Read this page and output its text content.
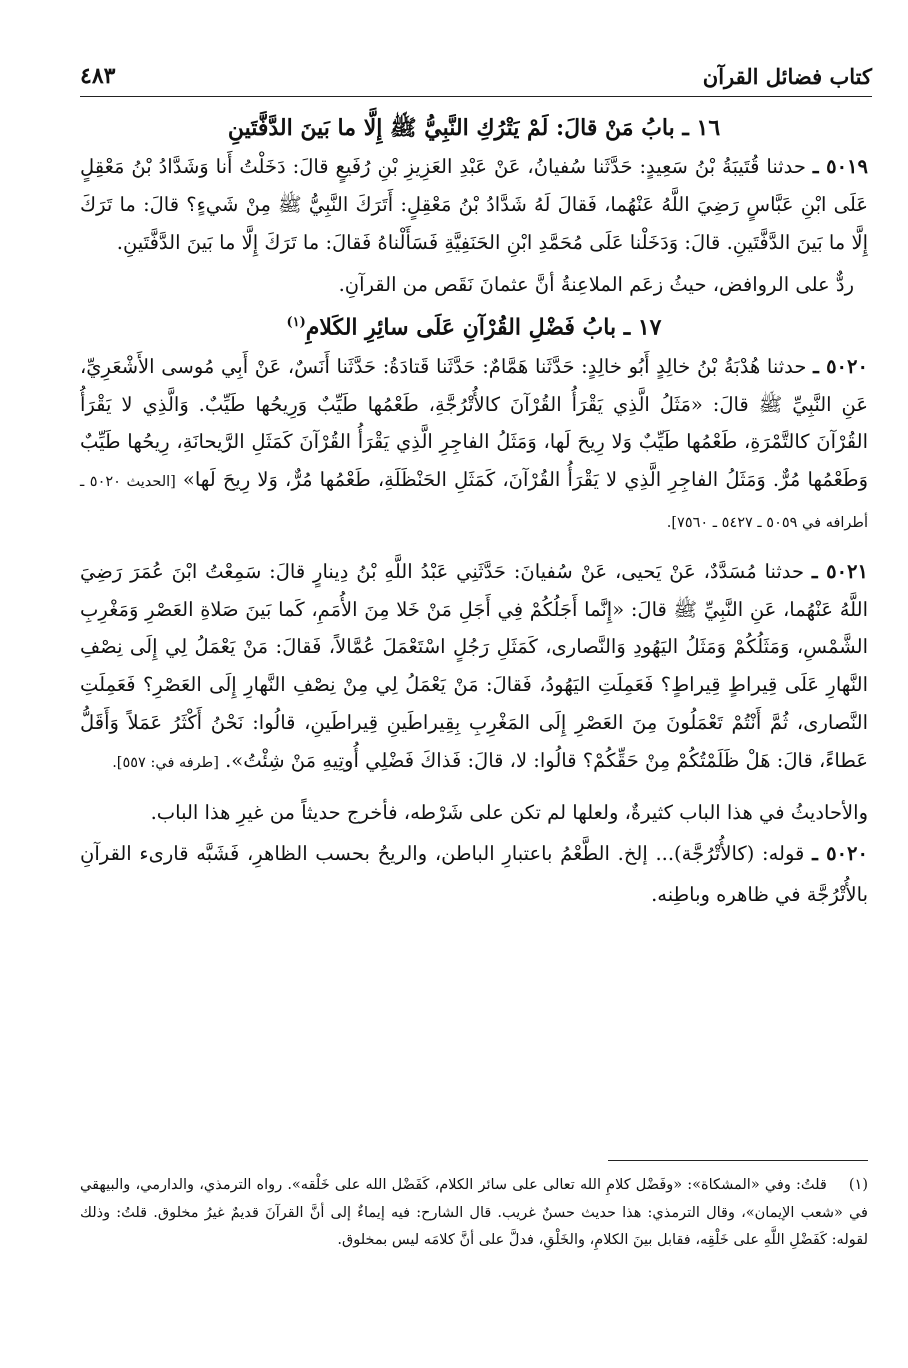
كتاب فضائل القرآن
٤٨٣

١٦ ـ بابُ مَنْ قالَ: لَمْ يَتْرُكِ النَّبِيُّ ﷺ إِلَّا ما بَينَ الدَّفَّتَينِ

٥٠١٩ ـ حدثنا قُتَيبَةُ بْنُ سَعِيدٍ: حَدَّثَنا سُفيانُ، عَنْ عَبْدِ العَزِيزِ بْنِ رُفَيعٍ قالَ: دَخَلْتُ أَنا وَشَدَّادُ بْنُ مَعْقِلٍ عَلَى ابْنِ عَبَّاسٍ رَضِيَ اللَّهُ عَنْهُما، فَقالَ لَهُ شَدَّادُ بْنُ مَعْقِلٍ: أَتَرَكَ النَّبِيُّ ﷺ مِنْ شَيءٍ؟ قالَ: ما تَرَكَ إِلَّا ما بَينَ الدَّفَّتَينِ. قالَ: وَدَخَلْنا عَلَى مُحَمَّدِ ابْنِ الحَنَفِيَّةِ فَسَأَلْناهُ فَقالَ: ما تَرَكَ إِلَّا ما بَينَ الدَّفَّتَينِ.

ردٌّ على الروافض، حيثُ زعَم الملاعِنةُ أنَّ عثمانَ نَقَص من القرآنِ.

١٧ ـ بابُ فَضْلِ القُرْآنِ عَلَى سائِرِ الكَلامِ$^{(١)}$

٥٠٢٠ ـ حدثنا هُدْبَةُ بْنُ خالِدٍ أَبُو خالِدٍ: حَدَّثَنا هَمَّامٌ: حَدَّثَنا قَتادَةُ: حَدَّثَنا أَنَسٌ، عَنْ أَبِي مُوسى الأَشْعَرِيِّ، عَنِ النَّبِيِّ ﷺ قالَ: «مَثَلُ الَّذِي يَقْرَأُ القُرْآنَ كالأُتْرُجَّةِ، طَعْمُها طَيِّبٌ وَرِيحُها طَيِّبٌ. وَالَّذِي لا يَقْرَأُ القُرْآنَ كالتَّمْرَةِ، طَعْمُها طَيِّبٌ وَلا رِيحَ لَها، وَمَثَلُ الفاجِرِ الَّذِي يَقْرَأُ القُرْآنَ كَمَثَلِ الرَّيحانَةِ، رِيحُها طَيِّبٌ وَطَعْمُها مُرٌّ. وَمَثَلُ الفاجِرِ الَّذِي لا يَقْرَأُ القُرْآنَ، كَمَثَلِ الحَنْظَلَةِ، طَعْمُها مُرٌّ، وَلا رِيحَ لَها» [الحديث ٥٠٢٠ ـ أطرافه في ٥٠٥٩ ـ ٥٤٢٧ ـ ٧٥٦٠].

٥٠٢١ ـ حدثنا مُسَدَّدٌ، عَنْ يَحيى، عَنْ سُفيانَ: حَدَّثَنِي عَبْدُ اللَّهِ بْنُ دِينارٍ قالَ: سَمِعْتُ ابْنَ عُمَرَ رَضِيَ اللَّهُ عَنْهُما، عَنِ النَّبِيِّ ﷺ قالَ: «إِنَّما أَجَلُكُمْ فِي أَجَلِ مَنْ خَلا مِنَ الأُمَمِ، كَما بَينَ صَلاةِ العَصْرِ وَمَغْرِبِ الشَّمْسِ، وَمَثَلُكُمْ وَمَثَلُ اليَهُودِ وَالنَّصارى، كَمَثَلِ رَجُلٍ اسْتَعْمَلَ عُمَّالاً، فَقالَ: مَنْ يَعْمَلُ لِي إِلَى نِصْفِ النَّهارِ عَلَى قِيراطٍ قِيراطٍ؟ فَعَمِلَتِ اليَهُودُ، فَقالَ: مَنْ يَعْمَلُ لِي مِنْ نِصْفِ النَّهارِ إِلَى العَصْرِ؟ فَعَمِلَتِ النَّصارى، ثُمَّ أَنْتُمْ تَعْمَلُونَ مِنَ العَصْرِ إِلَى المَغْرِبِ بِقِيراطَينِ قِيراطَينِ، قالُوا: نَحْنُ أَكْثَرُ عَمَلاً وَأَقَلُّ عَطاءً، قالَ: هَلْ ظَلَمْتُكُمْ مِنْ حَقِّكُمْ؟ قالُوا: لا، قالَ: فَذاكَ فَضْلِي أُوتِيهِ مَنْ شِئْتُ». [طرفه في: ٥٥٧].

والأحاديثُ في هذا الباب كثيرةٌ، ولعلها لم تكن على شَرْطه، فأخرج حديثاً من غيرِ هذا الباب.

٥٠٢٠ ـ قوله: (كالأُتْرُجَّة)... إلخ. الطَّعْمُ باعتبارِ الباطن، والريحُ بحسب الظاهرِ، فَشَبَّه قارىء القرآنِ بالأُتْرُجَّة في ظاهره وباطِنه.

(١)قلتُ: وفي «المشكاة»: «وفَضْل كلامِ الله تعالى على سائر الكلام، كَفَضْل الله على خَلْقه». رواه الترمذي، والدارمي، والبيهقي في «شعب الإيمان»، وقال الترمذي: هذا حديث حسنٌ غريب. قال الشارح: فيه إيماءٌ إلى أنَّ القرآنَ قديمٌ غيرُ مخلوق. قلتُ: وذلك لقوله: كَفَضْلِ اللَّهِ على خَلْقِه، فقابل بينَ الكلامِ، والخَلْقِ، فدلَّ على أنَّ كلامَه ليس بمخلوق.
